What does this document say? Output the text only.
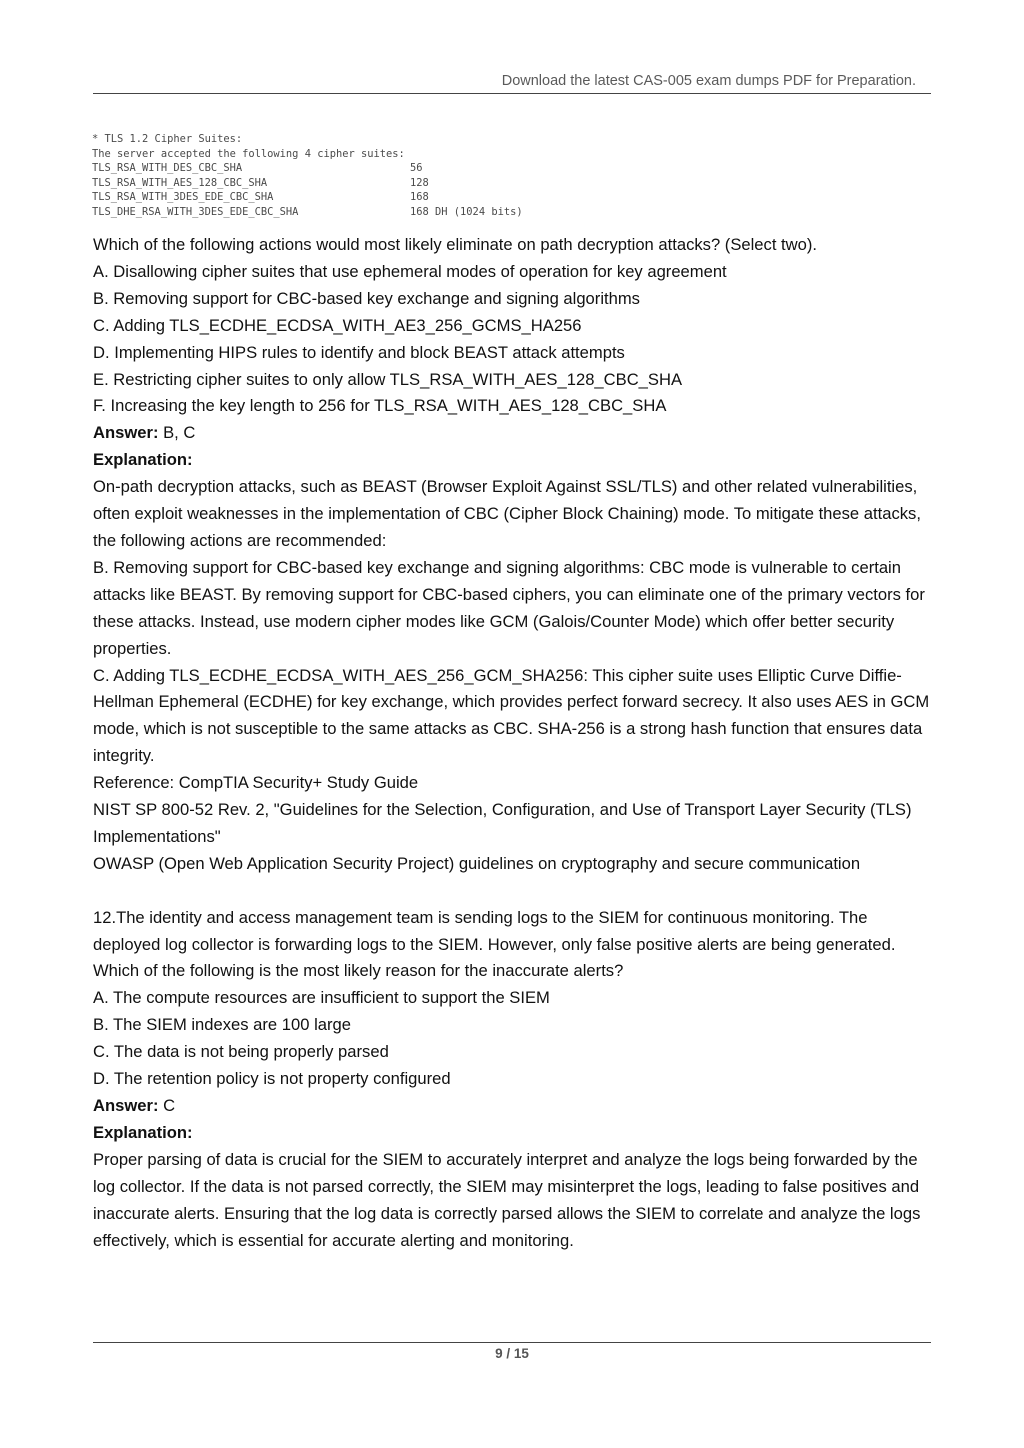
Download the latest CAS-005 exam dumps PDF for Preparation.
* TLS 1.2 Cipher Suites:
The server accepted the following 4 cipher suites:
TLS_RSA_WITH_DES_CBC_SHA	56
TLS_RSA_WITH_AES_128_CBC_SHA	128
TLS_RSA_WITH_3DES_EDE_CBC_SHA	168
TLS_DHE_RSA_WITH_3DES_EDE_CBC_SHA	168 DH (1024 bits)

Which of the following actions would most likely eliminate on path decryption attacks? (Select two).

A. Disallowing cipher suites that use ephemeral modes of operation for key agreement

B. Removing support for CBC-based key exchange and signing algorithms

C. Adding TLS_ECDHE_ECDSA_WITH_AE3_256_GCMS_HA256

D. Implementing HIPS rules to identify and block BEAST attack attempts

E. Restricting cipher suites to only allow TLS_RSA_WITH_AES_128_CBC_SHA

F. Increasing the key length to 256 for TLS_RSA_WITH_AES_128_CBC_SHA

Answer: B, C

Explanation:

On-path decryption attacks, such as BEAST (Browser Exploit Against SSL/TLS) and other related vulnerabilities, often exploit weaknesses in the implementation of CBC (Cipher Block Chaining) mode. To mitigate these attacks, the following actions are recommended:

B. Removing support for CBC-based key exchange and signing algorithms: CBC mode is vulnerable to certain attacks like BEAST. By removing support for CBC-based ciphers, you can eliminate one of the primary vectors for these attacks. Instead, use modern cipher modes like GCM (Galois/Counter Mode) which offer better security properties.

C. Adding TLS_ECDHE_ECDSA_WITH_AES_256_GCM_SHA256: This cipher suite uses Elliptic Curve Diffie-Hellman Ephemeral (ECDHE) for key exchange, which provides perfect forward secrecy. It also uses AES in GCM mode, which is not susceptible to the same attacks as CBC. SHA-256 is a strong hash function that ensures data integrity.

Reference: CompTIA Security+ Study Guide

NIST SP 800-52 Rev. 2, "Guidelines for the Selection, Configuration, and Use of Transport Layer Security (TLS) Implementations"

OWASP (Open Web Application Security Project) guidelines on cryptography and secure communication

12.The identity and access management team is sending logs to the SIEM for continuous monitoring. The deployed log collector is forwarding logs to the SIEM. However, only false positive alerts are being generated.

Which of the following is the most likely reason for the inaccurate alerts?

A. The compute resources are insufficient to support the SIEM

B. The SIEM indexes are 100 large

C. The data is not being properly parsed

D. The retention policy is not property configured

Answer: C

Explanation:

Proper parsing of data is crucial for the SIEM to accurately interpret and analyze the logs being forwarded by the log collector. If the data is not parsed correctly, the SIEM may misinterpret the logs, leading to false positives and inaccurate alerts. Ensuring that the log data is correctly parsed allows the SIEM to correlate and analyze the logs effectively, which is essential for accurate alerting and monitoring.

9 / 15
